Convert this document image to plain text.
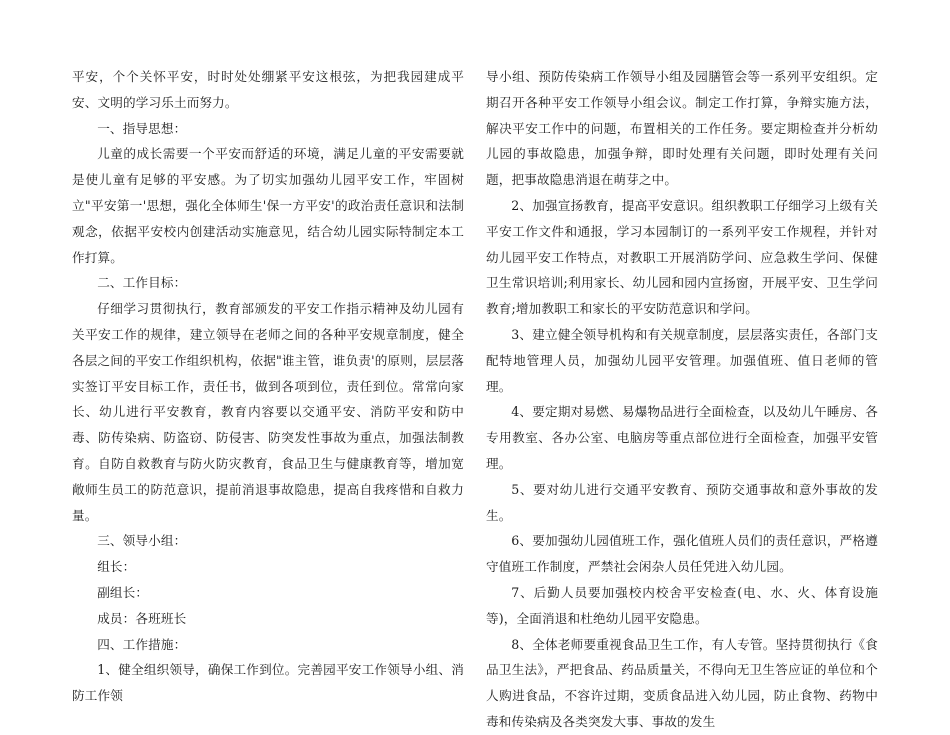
平安，个个关怀平安，时时处处绷紧平安这根弦，为把我园建成平安、文明的学习乐土而努力。

一、指导思想：

儿童的成长需要一个平安而舒适的环境，满足儿童的平安需要就是使儿童有足够的平安感。为了切实加强幼儿园平安工作，牢固树立"平安第一'思想，强化全体师生'保一方平安'的政治责任意识和法制观念，依据平安校内创建活动实施意见，结合幼儿园实际特制定本工作打算。

二、工作目标：

仔细学习贯彻执行，教育部颁发的平安工作指示精神及幼儿园有关平安工作的规律，建立领导在老师之间的各种平安规章制度，健全各层之间的平安工作组织机构，依据"谁主管，谁负责'的原则，层层落实签订平安目标工作，责任书，做到各项到位，责任到位。常常向家长、幼儿进行平安教育，教育内容要以交通平安、消防平安和防中毒、防传染病、防盗窃、防侵害、防突发性事故为重点，加强法制教育。自防自救教育与防火防灾教育，食品卫生与健康教育等，增加宽敞师生员工的防范意识，提前消退事故隐患，提高自我疼惜和自救力量。

三、领导小组：

组长：

副组长：

成员：各班班长

四、工作措施：

1、健全组织领导，确保工作到位。完善园平安工作领导小组、消防工作领

导小组、预防传染病工作领导小组及园膳管会等一系列平安组织。定期召开各种平安工作领导小组会议。制定工作打算，争辩实施方法，解决平安工作中的问题，布置相关的工作任务。要定期检查并分析幼儿园的事故隐患，加强争辩，即时处理有关问题，即时处理有关问题，把事故隐患消退在萌芽之中。

2、加强宣扬教育，提高平安意识。组织教职工仔细学习上级有关平安工作文件和通报，学习本园制订的一系列平安工作规程，并针对幼儿园平安工作特点，对教职工开展消防学问、应急救生学问、保健卫生常识培训;利用家长、幼儿园和园内宣扬窗，开展平安、卫生学问教育;增加教职工和家长的平安防范意识和学问。

3、建立健全领导机构和有关规章制度，层层落实责任，各部门支配特地管理人员，加强幼儿园平安管理。加强值班、值日老师的管理。

4、要定期对易燃、易爆物品进行全面检查，以及幼儿午睡房、各专用教室、各办公室、电脑房等重点部位进行全面检查，加强平安管理。

5、要对幼儿进行交通平安教育、预防交通事故和意外事故的发生。

6、要加强幼儿园值班工作，强化值班人员们的责任意识，严格遵守值班工作制度，严禁社会闲杂人员任凭进入幼儿园。

7、后勤人员要加强校内校舍平安检查(电、水、火、体育设施等)，全面消退和杜绝幼儿园平安隐患。

8、全体老师要重视食品卫生工作，有人专管。坚持贯彻执行《食品卫生法》，严把食品、药品质量关，不得向无卫生答应证的单位和个人购进食品，不容许过期，变质食品进入幼儿园，防止食物、药物中毒和传染病及各类突发大事、事故的发生
